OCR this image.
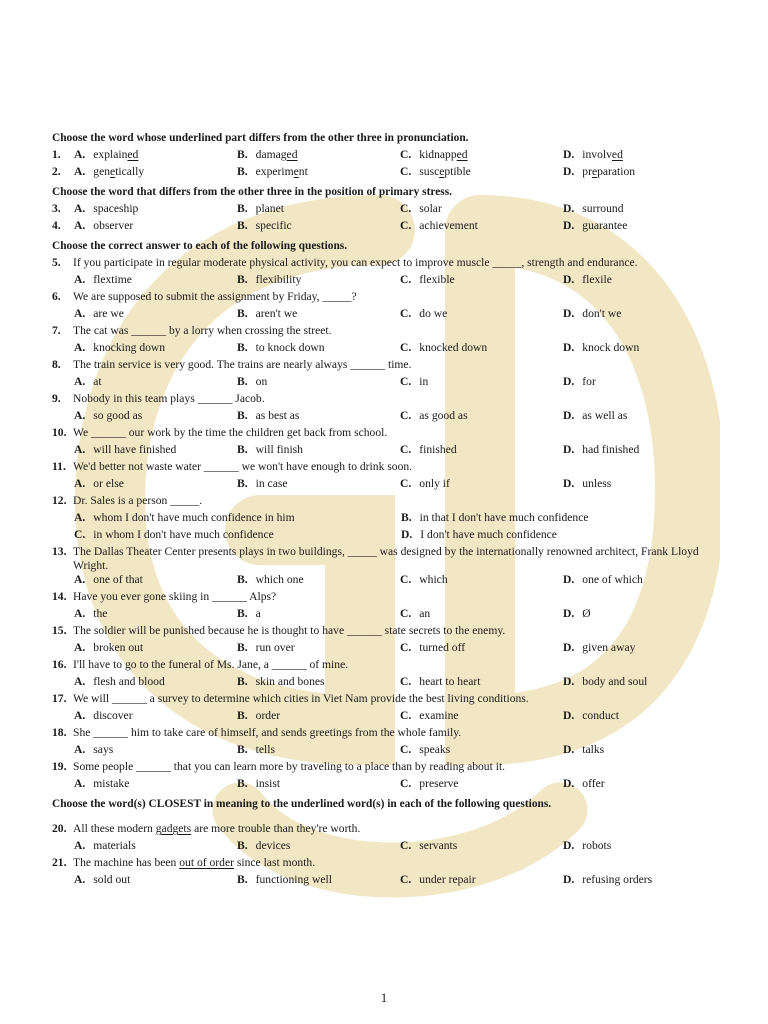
Choose the word whose underlined part differs from the other three in pronunciation.
1.	A. explained	B. damaged	C. kidnapped	D. involved
2.	A. genetically	B. experiment	C. susceptible	D. preparation
Choose the word that differs from the other three in the position of primary stress.
3.	A. spaceship	B. planet	C. solar	D. surround
4.	A. observer	B. specific	C. achievement	D. guarantee
Choose the correct answer to each of the following questions.
5.	If you participate in regular moderate physical activity, you can expect to improve muscle _____, strength and endurance.
A. flextime	B. flexibility	C. flexible	D. flexile
6.	We are supposed to submit the assignment by Friday, _____?
A. are we	B. aren't we	C. do we	D. don't we
7.	The cat was ______ by a lorry when crossing the street.
A. knocking down	B. to knock down	C. knocked down	D. knock down
8.	The train service is very good. The trains are nearly always ______ time.
A. at	B. on	C. in	D. for
9.	Nobody in this team plays ______ Jacob.
A. so good as	B. as best as	C. as good as	D. as well as
10. We ______ our work by the time the children get back from school.
A. will have finished	B. will finish	C. finished	D. had finished
11. We'd better not waste water ______ we won't have enough to drink soon.
A. or else	B. in case	C. only if	D. unless
12. Dr. Sales is a person _____.
A. whom I don't have much confidence in him	B. in that I don't have much confidence
C. in whom I don't have much confidence	D. I don't have much confidence
13. The Dallas Theater Center presents plays in two buildings, _____ was designed by the internationally renowned architect, Frank Lloyd Wright.
A. one of that	B. which one	C. which	D. one of which
14. Have you ever gone skiing in ______ Alps?
A. the	B. a	C. an	D. Ø
15. The soldier will be punished because he is thought to have ______ state secrets to the enemy.
A. broken out	B. run over	C. turned off	D. given away
16. I'll have to go to the funeral of Ms. Jane, a ______ of mine.
A. flesh and blood	B. skin and bones	C. heart to heart	D. body and soul
17. We will ______ a survey to determine which cities in Viet Nam provide the best living conditions.
A. discover	B. order	C. examine	D. conduct
18. She ______ him to take care of himself, and sends greetings from the whole family.
A. says	B. tells	C. speaks	D. talks
19. Some people ______ that you can learn more by traveling to a place than by reading about it.
A. mistake	B. insist	C. preserve	D. offer
Choose the word(s) CLOSEST in meaning to the underlined word(s) in each of the following questions.
20. All these modern gadgets are more trouble than they're worth.
A. materials	B. devices	C. servants	D. robots
21. The machine has been out of order since last month.
A. sold out	B. functioning well	C. under repair	D. refusing orders
1
